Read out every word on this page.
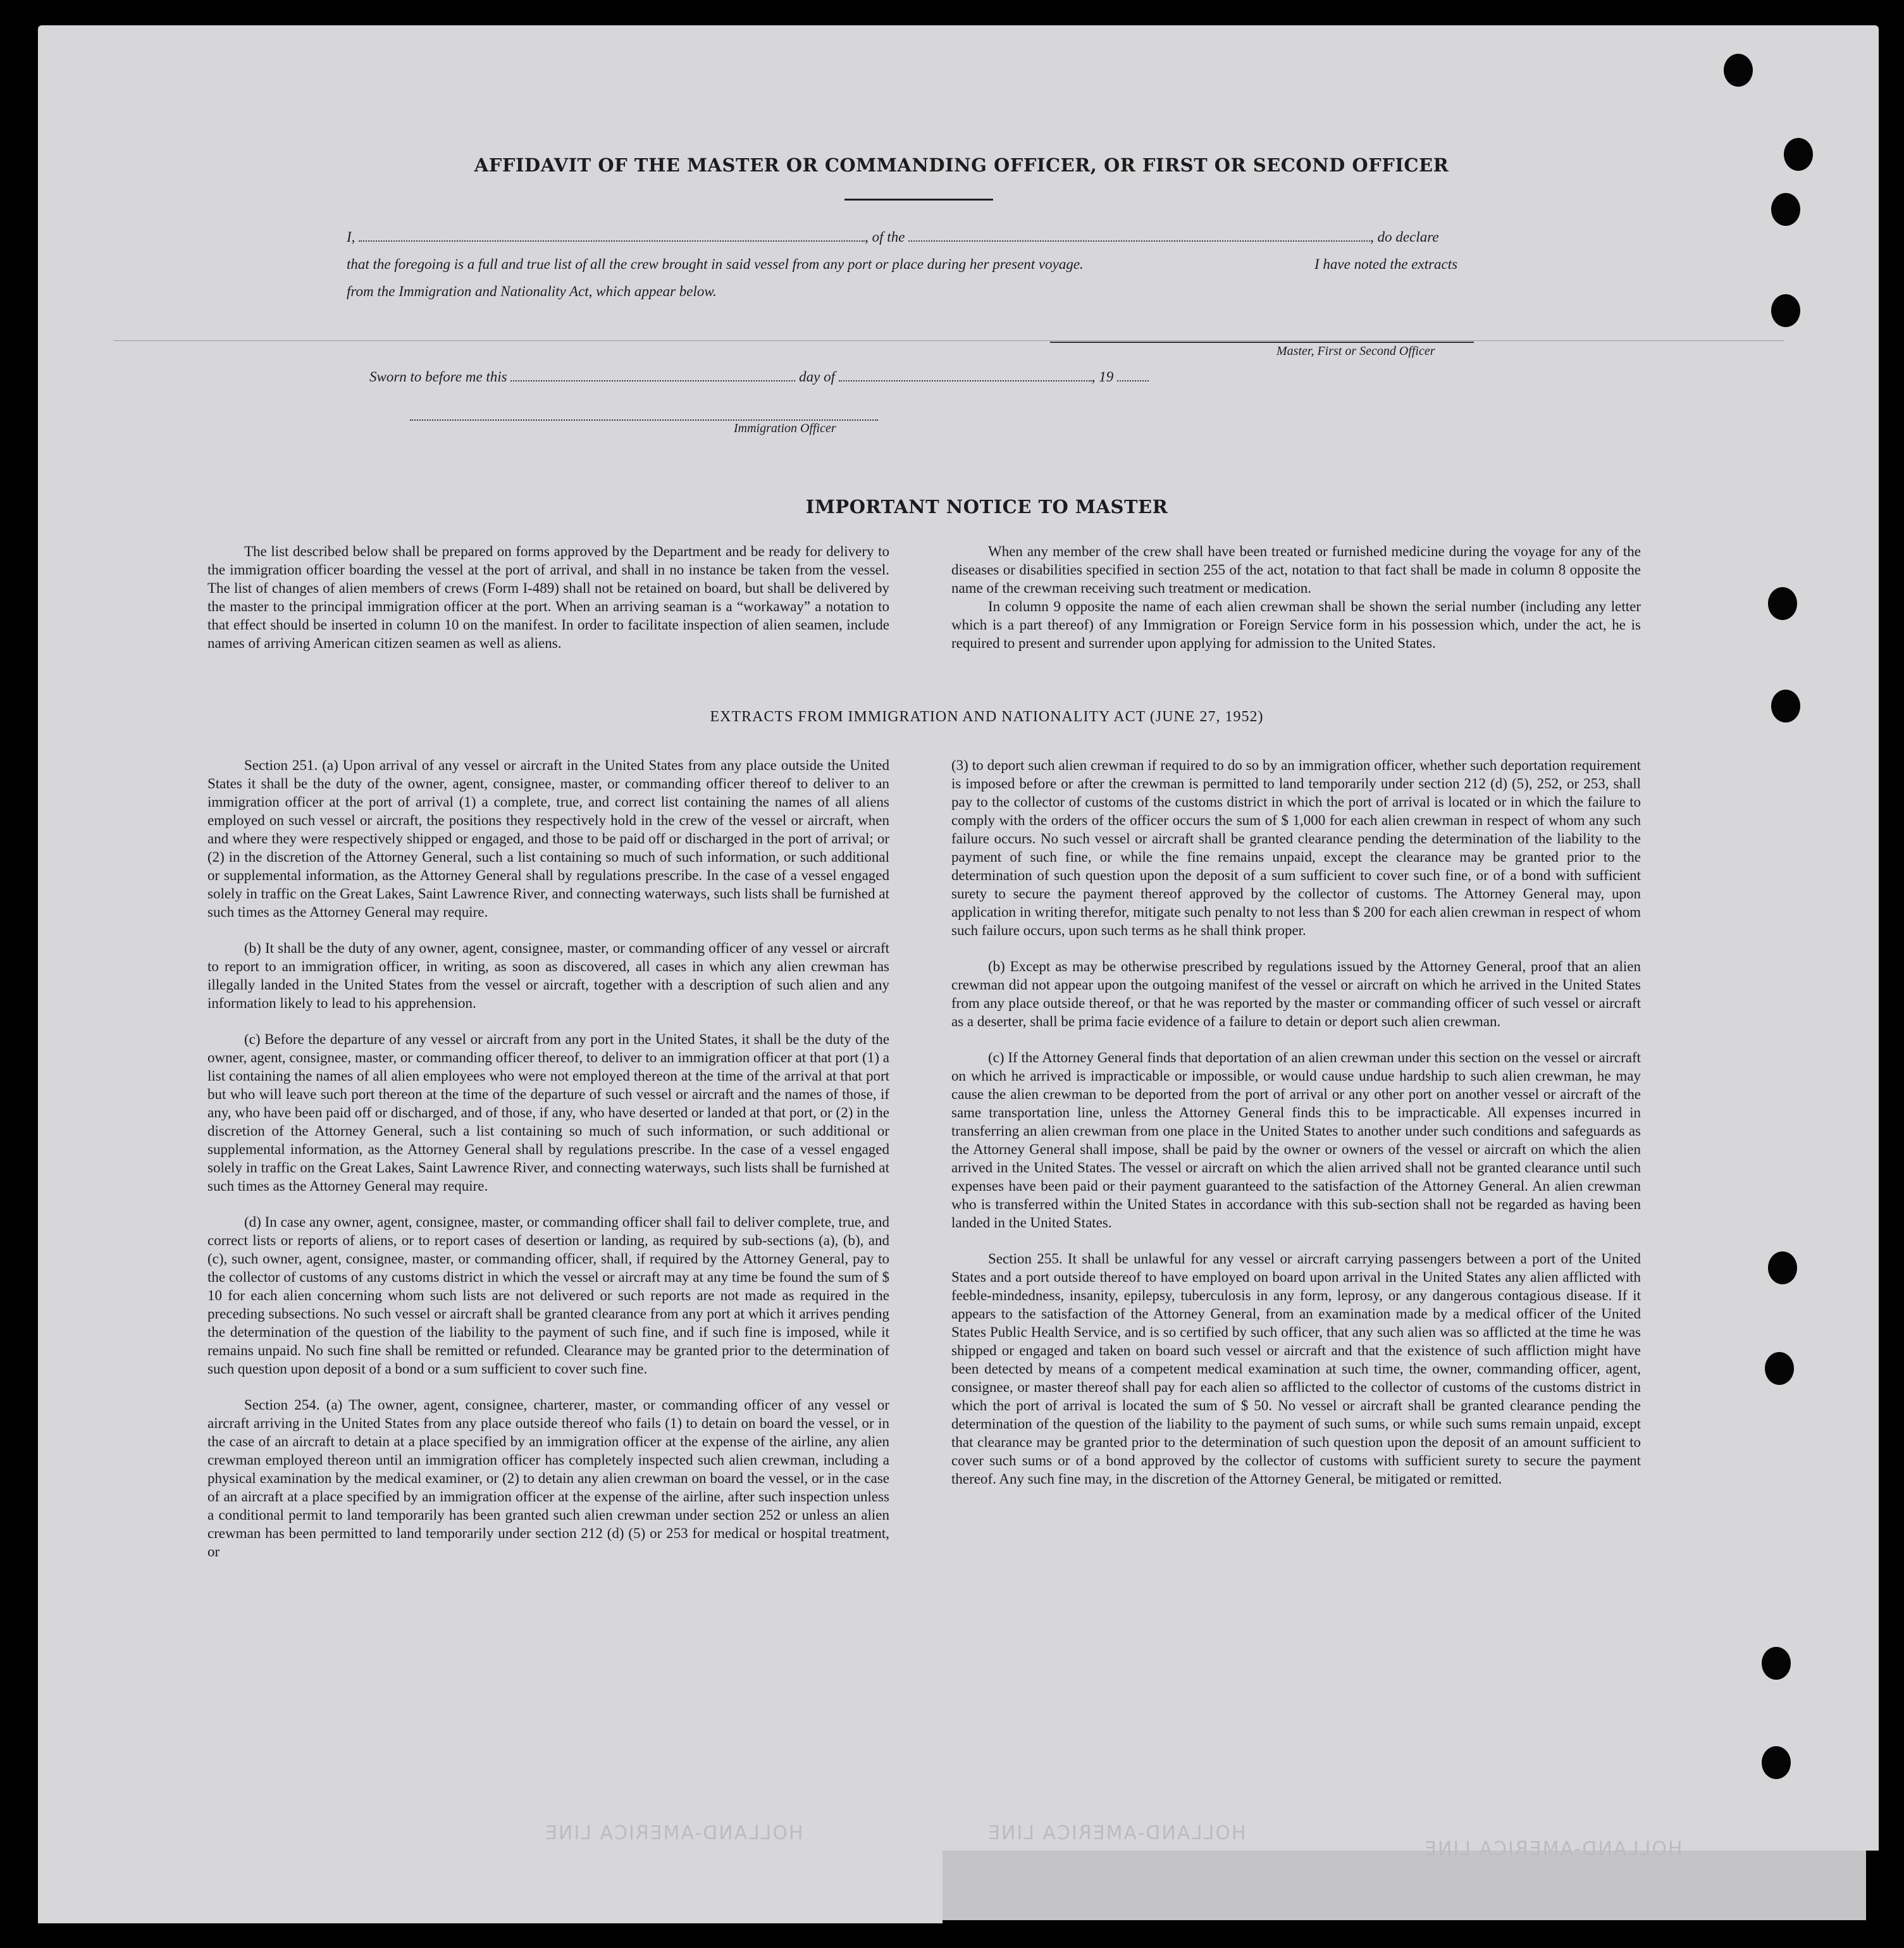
AFFIDAVIT OF THE MASTER OR COMMANDING OFFICER, OR FIRST OR SECOND OFFICER
I,	, of the	, do declare
that the foregoing is a full and true list of all the crew brought in said vessel from any port or place during her present voyage.	I have noted the extracts
from the Immigration and Nationality Act, which appear below.
Master, First or Second Officer
Sworn to before me this	day of	, 19
Immigration Officer
IMPORTANT NOTICE TO MASTER

The list described below shall be prepared on forms approved by the Department and be ready for delivery to the immigration officer boarding the vessel at the port of arrival, and shall in no instance be taken from the vessel. The list of changes of alien members of crews (Form I-489) shall not be retained on board, but shall be delivered by the master to the principal immigration officer at the port. When an arriving seaman is a “workaway” a notation to that effect should be inserted in column 10 on the manifest. In order to facilitate inspection of alien seamen, include names of arriving American citizen seamen as well as aliens.

When any member of the crew shall have been treated or furnished medicine during the voyage for any of the diseases or disabilities specified in section 255 of the act, notation to that fact shall be made in column 8 opposite the name of the crewman receiving such treatment or medication.

In column 9 opposite the name of each alien crewman shall be shown the serial number (including any letter which is a part thereof) of any Immigration or Foreign Service form in his possession which, under the act, he is required to present and surrender upon applying for admission to the United States.

EXTRACTS FROM IMMIGRATION AND NATIONALITY ACT (JUNE 27, 1952)

Section 251. (a) Upon arrival of any vessel or aircraft in the United States from any place outside the United States it shall be the duty of the owner, agent, consignee, master, or commanding officer thereof to deliver to an immigration officer at the port of arrival (1) a complete, true, and correct list containing the names of all aliens employed on such vessel or aircraft, the positions they respectively hold in the crew of the vessel or aircraft, when and where they were respectively shipped or engaged, and those to be paid off or discharged in the port of arrival; or (2) in the discretion of the Attorney General, such a list containing so much of such information, or such additional or supplemental information, as the Attorney General shall by regulations prescribe. In the case of a vessel engaged solely in traffic on the Great Lakes, Saint Lawrence River, and connecting waterways, such lists shall be furnished at such times as the Attorney General may require.

(b) It shall be the duty of any owner, agent, consignee, master, or commanding officer of any vessel or aircraft to report to an immigration officer, in writing, as soon as discovered, all cases in which any alien crewman has illegally landed in the United States from the vessel or aircraft, together with a description of such alien and any information likely to lead to his apprehension.

(c) Before the departure of any vessel or aircraft from any port in the United States, it shall be the duty of the owner, agent, consignee, master, or commanding officer thereof, to deliver to an immigration officer at that port (1) a list containing the names of all alien employees who were not employed thereon at the time of the arrival at that port but who will leave such port thereon at the time of the departure of such vessel or aircraft and the names of those, if any, who have been paid off or discharged, and of those, if any, who have deserted or landed at that port, or (2) in the discretion of the Attorney General, such a list containing so much of such information, or such additional or supplemental information, as the Attorney General shall by regulations prescribe. In the case of a vessel engaged solely in traffic on the Great Lakes, Saint Lawrence River, and connecting waterways, such lists shall be furnished at such times as the Attorney General may require.

(d) In case any owner, agent, consignee, master, or commanding officer shall fail to deliver complete, true, and correct lists or reports of aliens, or to report cases of desertion or landing, as required by sub-sections (a), (b), and (c), such owner, agent, consignee, master, or commanding officer, shall, if required by the Attorney General, pay to the collector of customs of any customs district in which the vessel or aircraft may at any time be found the sum of $ 10 for each alien concerning whom such lists are not delivered or such reports are not made as required in the preceding subsections. No such vessel or aircraft shall be granted clearance from any port at which it arrives pending the determination of the question of the liability to the payment of such fine, and if such fine is imposed, while it remains unpaid. No such fine shall be remitted or refunded. Clearance may be granted prior to the determination of such question upon deposit of a bond or a sum sufficient to cover such fine.

Section 254. (a) The owner, agent, consignee, charterer, master, or commanding officer of any vessel or aircraft arriving in the United States from any place outside thereof who fails (1) to detain on board the vessel, or in the case of an aircraft to detain at a place specified by an immigration officer at the expense of the airline, any alien crewman employed thereon until an immigration officer has completely inspected such alien crewman, including a physical examination by the medical examiner, or (2) to detain any alien crewman on board the vessel, or in the case of an aircraft at a place specified by an immigration officer at the expense of the airline, after such inspection unless a conditional permit to land temporarily has been granted such alien crewman under section 252 or unless an alien crewman has been permitted to land temporarily under section 212 (d) (5) or 253 for medical or hospital treatment, or

(3) to deport such alien crewman if required to do so by an immigration officer, whether such deportation requirement is imposed before or after the crewman is permitted to land temporarily under section 212 (d) (5), 252, or 253, shall pay to the collector of customs of the customs district in which the port of arrival is located or in which the failure to comply with the orders of the officer occurs the sum of $ 1,000 for each alien crewman in respect of whom any such failure occurs. No such vessel or aircraft shall be granted clearance pending the determination of the liability to the payment of such fine, or while the fine remains unpaid, except the clearance may be granted prior to the determination of such question upon the deposit of a sum sufficient to cover such fine, or of a bond with sufficient surety to secure the payment thereof approved by the collector of customs. The Attorney General may, upon application in writing therefor, mitigate such penalty to not less than $ 200 for each alien crewman in respect of whom such failure occurs, upon such terms as he shall think proper.

(b) Except as may be otherwise prescribed by regulations issued by the Attorney General, proof that an alien crewman did not appear upon the outgoing manifest of the vessel or aircraft on which he arrived in the United States from any place outside thereof, or that he was reported by the master or commanding officer of such vessel or aircraft as a deserter, shall be prima facie evidence of a failure to detain or deport such alien crewman.

(c) If the Attorney General finds that deportation of an alien crewman under this section on the vessel or aircraft on which he arrived is impracticable or impossible, or would cause undue hardship to such alien crewman, he may cause the alien crewman to be deported from the port of arrival or any other port on another vessel or aircraft of the same transportation line, unless the Attorney General finds this to be impracticable. All expenses incurred in transferring an alien crewman from one place in the United States to another under such conditions and safeguards as the Attorney General shall impose, shall be paid by the owner or owners of the vessel or aircraft on which the alien arrived in the United States. The vessel or aircraft on which the alien arrived shall not be granted clearance until such expenses have been paid or their payment guaranteed to the satisfaction of the Attorney General. An alien crewman who is transferred within the United States in accordance with this sub-section shall not be regarded as having been landed in the United States.

Section 255. It shall be unlawful for any vessel or aircraft carrying passengers between a port of the United States and a port outside thereof to have employed on board upon arrival in the United States any alien afflicted with feeble-mindedness, insanity, epilepsy, tuberculosis in any form, leprosy, or any dangerous contagious disease. If it appears to the satisfaction of the Attorney General, from an examination made by a medical officer of the United States Public Health Service, and is so certified by such officer, that any such alien was so afflicted at the time he was shipped or engaged and taken on board such vessel or aircraft and that the existence of such affliction might have been detected by means of a competent medical examination at such time, the owner, commanding officer, agent, consignee, or master thereof shall pay for each alien so afflicted to the collector of customs of the customs district in which the port of arrival is located the sum of $ 50. No vessel or aircraft shall be granted clearance pending the determination of the question of the liability to the payment of such sums, or while such sums remain unpaid, except that clearance may be granted prior to the determination of such question upon the deposit of an amount sufficient to cover such sums or of a bond approved by the collector of customs with sufficient surety to secure the payment thereof. Any such fine may, in the discretion of the Attorney General, be mitigated or remitted.

HOLLAND-AMERICA LINE	HOLLAND-AMERICA LINE
HOLLAND-AMERICA LINE
